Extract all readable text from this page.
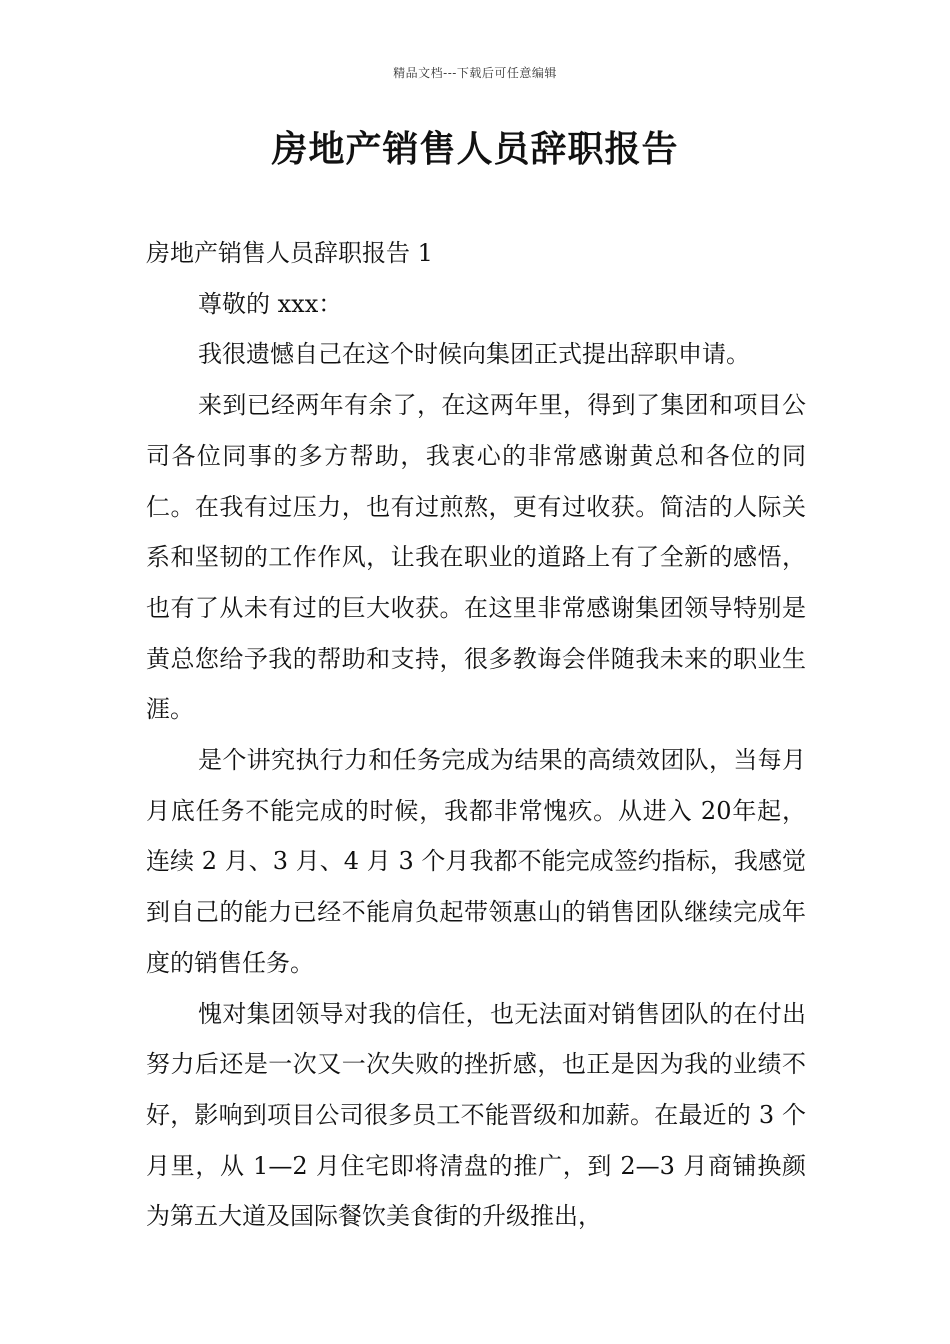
精品文档---下载后可任意编辑
房地产销售人员辞职报告

房地产销售人员辞职报告 1

尊敬的 xxx：

我很遗憾自己在这个时候向集团正式提出辞职申请。

来到已经两年有余了，在这两年里，得到了集团和项目公司各位同事的多方帮助，我衷心的非常感谢黄总和各位的同仁。在我有过压力，也有过煎熬，更有过收获。简洁的人际关系和坚韧的工作作风，让我在职业的道路上有了全新的感悟，也有了从未有过的巨大收获。在这里非常感谢集团领导特别是黄总您给予我的帮助和支持，很多教诲会伴随我未来的职业生涯。

是个讲究执行力和任务完成为结果的高绩效团队，当每月月底任务不能完成的时候，我都非常愧疚。从进入 20年起，连续 2 月、3 月、4 月 3 个月我都不能完成签约指标，我感觉到自己的能力已经不能肩负起带领惠山的销售团队继续完成年度的销售任务。

愧对集团领导对我的信任，也无法面对销售团队的在付出努力后还是一次又一次失败的挫折感，也正是因为我的业绩不好，影响到项目公司很多员工不能晋级和加薪。在最近的 3 个月里，从 1—2 月住宅即将清盘的推广，到 2—3 月商铺换颜为第五大道及国际餐饮美食街的升级推出，
